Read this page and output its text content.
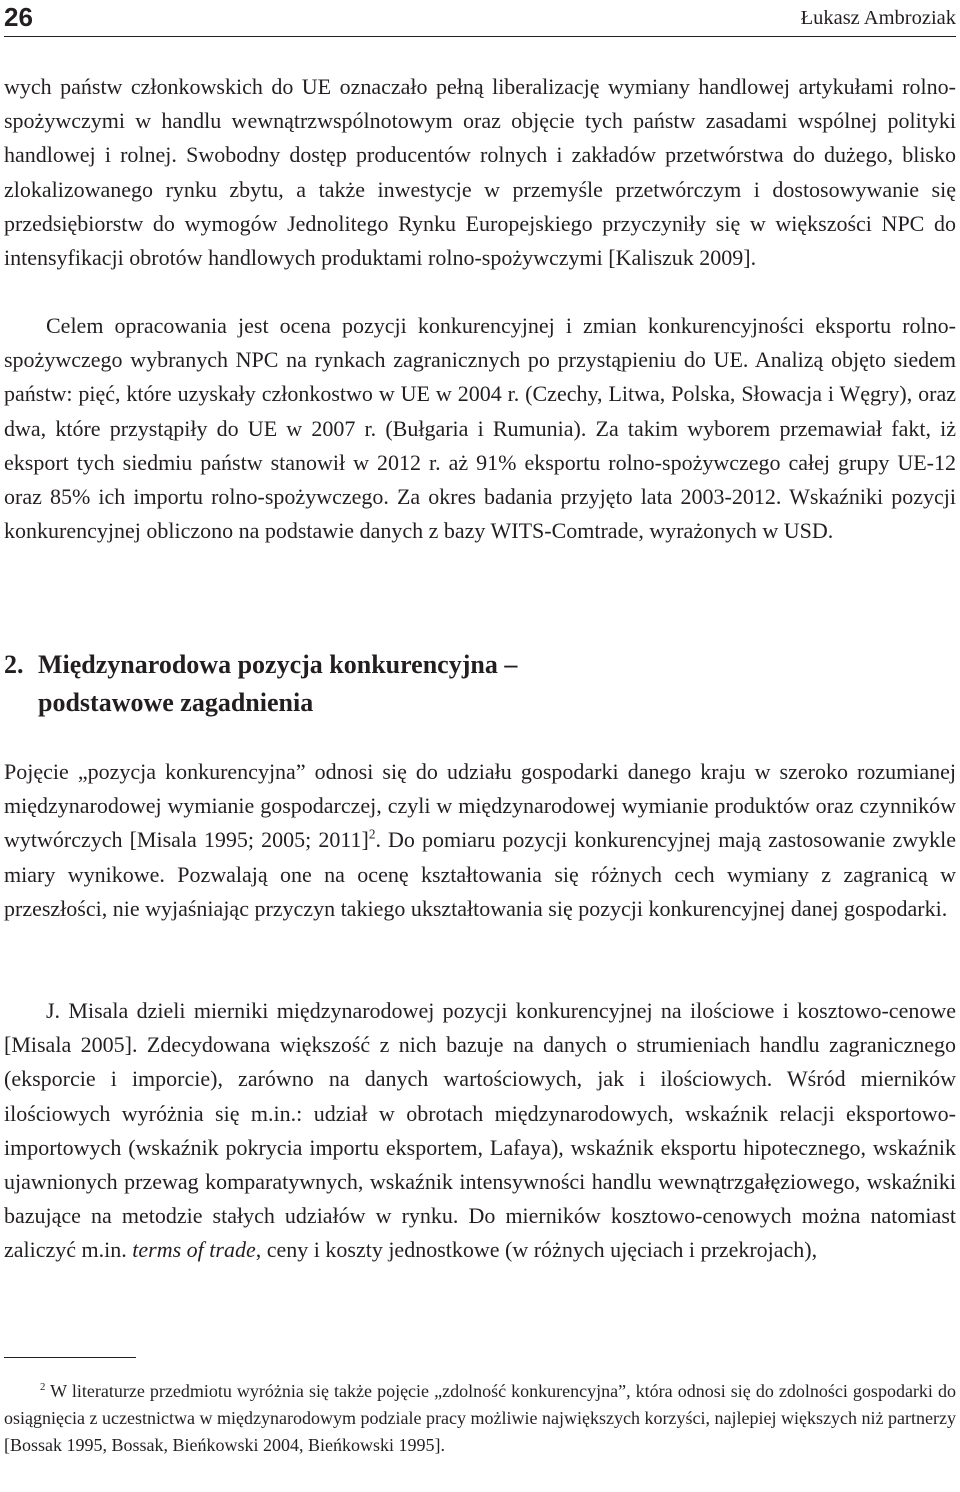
26	Łukasz Ambroziak

wych państw członkowskich do UE oznaczało pełną liberalizację wymiany handlowej artykułami rolno-spożywczymi w handlu wewnątrzwspólnotowym oraz objęcie tych państw zasadami wspólnej polityki handlowej i rolnej. Swobodny dostęp producentów rolnych i zakładów przetwórstwa do dużego, blisko zlokalizowanego rynku zbytu, a także inwestycje w przemyśle przetwórczym i dostosowywanie się przedsiębiorstw do wymogów Jednolitego Rynku Europejskiego przyczyniły się w większości NPC do intensyfikacji obrotów handlowych produktami rolno-spożywczymi [Kaliszuk 2009].

Celem opracowania jest ocena pozycji konkurencyjnej i zmian konkurencyjności eksportu rolno-spożywczego wybranych NPC na rynkach zagranicznych po przystąpieniu do UE. Analizą objęto siedem państw: pięć, które uzyskały członkostwo w UE w 2004 r. (Czechy, Litwa, Polska, Słowacja i Węgry), oraz dwa, które przystąpiły do UE w 2007 r. (Bułgaria i Rumunia). Za takim wyborem przemawiał fakt, iż eksport tych siedmiu państw stanowił w 2012 r. aż 91% eksportu rolno-spożywczego całej grupy UE-12 oraz 85% ich importu rolno-spożywczego. Za okres badania przyjęto lata 2003-2012. Wskaźniki pozycji konkurencyjnej obliczono na podstawie danych z bazy WITS-Comtrade, wyrażonych w USD.

2. Międzynarodowa pozycja konkurencyjna –
podstawowe zagadnienia

Pojęcie „pozycja konkurencyjna” odnosi się do udziału gospodarki danego kraju w szeroko rozumianej międzynarodowej wymianie gospodarczej, czyli w międzynarodowej wymianie produktów oraz czynników wytwórczych [Misala 1995; 2005; 2011]$^2$. Do pomiaru pozycji konkurencyjnej mają zastosowanie zwykle miary wynikowe. Pozwalają one na ocenę kształtowania się różnych cech wymiany z zagranicą w przeszłości, nie wyjaśniając przyczyn takiego ukształtowania się pozycji konkurencyjnej danej gospodarki.

J. Misala dzieli mierniki międzynarodowej pozycji konkurencyjnej na ilościowe i kosztowo-cenowe [Misala 2005]. Zdecydowana większość z nich bazuje na danych o strumieniach handlu zagranicznego (eksporcie i imporcie), zarówno na danych wartościowych, jak i ilościowych. Wśród mierników ilościowych wyróżnia się m.in.: udział w obrotach międzynarodowych, wskaźnik relacji eksportowo-importowych (wskaźnik pokrycia importu eksportem, Lafaya), wskaźnik eksportu hipotecznego, wskaźnik ujawnionych przewag komparatywnych, wskaźnik intensywności handlu wewnątrzgałęziowego, wskaźniki bazujące na metodzie stałych udziałów w rynku. Do mierników kosztowo-cenowych można natomiast zaliczyć m.in. terms of trade, ceny i koszty jednostkowe (w różnych ujęciach i przekrojach),

$^2$ W literaturze przedmiotu wyróżnia się także pojęcie „zdolność konkurencyjna”, która odnosi się do zdolności gospodarki do osiągnięcia z uczestnictwa w międzynarodowym podziale pracy możliwie największych korzyści, najlepiej większych niż partnerzy [Bossak 1995, Bossak, Bieńkowski 2004, Bieńkowski 1995].
